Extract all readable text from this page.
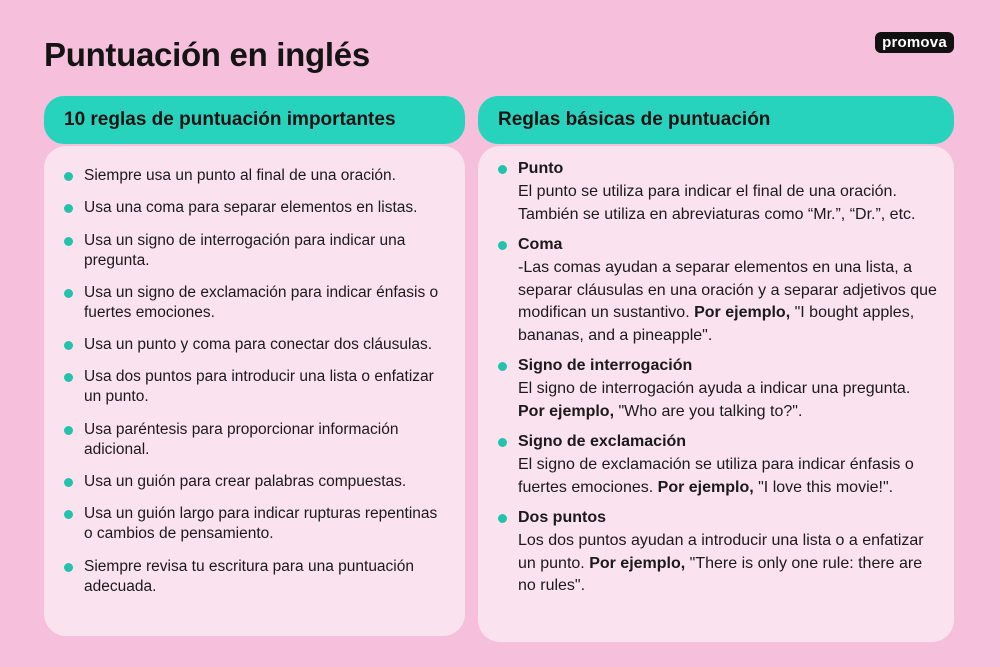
Puntuación en inglés	promova
10 reglas de puntuación importantes
Siempre usa un punto al final de una oración.
Usa una coma para separar elementos en listas.
Usa un signo de interrogación para indicar una pregunta.
Usa un signo de exclamación para indicar énfasis o fuertes emociones.
Usa un punto y coma para conectar dos cláusulas.
Usa dos puntos para introducir una lista o enfatizar un punto.
Usa paréntesis para proporcionar información adicional.
Usa un guión para crear palabras compuestas.
Usa un guión largo para indicar rupturas repentinas o cambios de pensamiento.
Siempre revisa tu escritura para una puntuación adecuada.
Reglas básicas de puntuación
Punto
El punto se utiliza para indicar el final de una oración. También se utiliza en abreviaturas como “Mr.”, “Dr.”, etc.
Coma
-Las comas ayudan a separar elementos en una lista, a separar cláusulas en una oración y a separar adjetivos que modifican un sustantivo. Por ejemplo, "I bought apples, bananas, and a pineapple".
Signo de interrogación
El signo de interrogación ayuda a indicar una pregunta. Por ejemplo, "Who are you talking to?".
Signo de exclamación
El signo de exclamación se utiliza para indicar énfasis o fuertes emociones. Por ejemplo, "I love this movie!".
Dos puntos
Los dos puntos ayudan a introducir una lista o a enfatizar un punto. Por ejemplo, "There is only one rule: there are no rules".
